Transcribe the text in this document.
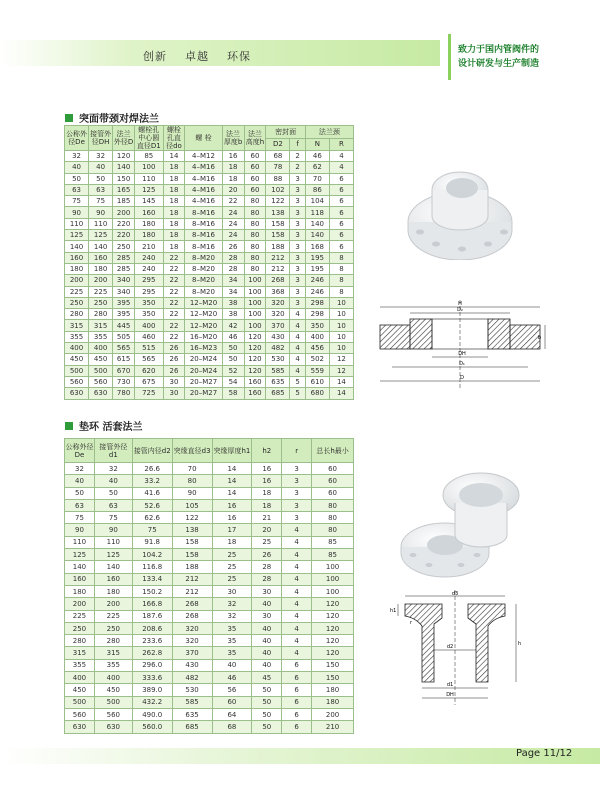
创新    卓越    环保	致力于国内管阀件的
设计研发与生产制造
突面带颈对焊法兰
公称外径De	接管外径DH	法兰外径D	螺栓孔中心圆直径D1	螺栓孔直径do	螺 栓	法兰厚度b	法兰高度h	密封面		法兰颈	
								D2	f	N	R
32	32	120	85	14	4–M12	16	60	68	2	46	4
40	40	140	100	18	4–M16	18	60	78	2	62	4
50	50	150	110	18	4–M16	18	60	88	3	70	6
63	63	165	125	18	4–M16	20	60	102	3	86	6
75	75	185	145	18	4–M16	22	80	122	3	104	6
90	90	200	160	18	8–M16	24	80	138	3	118	6
110	110	220	180	18	8–M16	24	80	158	3	140	6
125	125	220	180	18	8–M16	24	80	158	3	140	6
140	140	250	210	18	8–M16	26	80	188	3	168	6
160	160	285	240	22	8–M20	28	80	212	3	195	8
180	180	285	240	22	8–M20	28	80	212	3	195	8
200	200	340	295	22	8–M20	34	100	268	3	246	8
225	225	340	295	22	8–M20	34	100	368	3	246	8
250	250	395	350	22	12–M20	38	100	320	3	298	10
280	280	395	350	22	12–M20	38	100	320	4	298	10
315	315	445	400	22	12–M20	42	100	370	4	350	10
355	355	505	460	22	16–M20	46	120	430	4	400	10
400	400	565	515	26	16–M23	50	120	482	4	456	10
450	450	615	565	26	20–M24	50	120	530	4	502	12
500	500	670	620	26	20–M24	52	120	585	4	559	12
560	560	730	675	30	20–M27	54	160	635	5	610	14
630	630	780	725	30	20–M27	58	160	685	5	680	14
H
D₂
DH
D₁
D
b
垫环 活套法兰
公称外径De	接管外径d1	接管内径d2	突缘直径d3	突缘厚度h1	h2	r	总长h最小
32	32	26.6	70	14	16	3	60
40	40	33.2	80	14	16	3	60
50	50	41.6	90	14	18	3	60
63	63	52.6	105	16	18	3	80
75	75	62.6	122	16	21	3	80
90	90	75	138	17	20	4	80
110	110	91.8	158	18	25	4	85
125	125	104.2	158	25	26	4	85
140	140	116.8	188	25	28	4	100
160	160	133.4	212	25	28	4	100
180	180	150.2	212	30	30	4	100
200	200	166.8	268	32	40	4	120
225	225	187.6	268	32	30	4	120
250	250	208.6	320	35	40	4	120
280	280	233.6	320	35	40	4	120
315	315	262.8	370	35	40	4	120
355	355	296.0	430	40	40	6	150
400	400	333.6	482	46	45	6	150
450	450	389.0	530	56	50	6	180
500	500	432.2	585	60	50	6	180
560	560	490.0	635	64	50	6	200
630	630	560.0	685	68	50	6	210
d3
d2
d1
DH
h
h1
r
Page 11/12
